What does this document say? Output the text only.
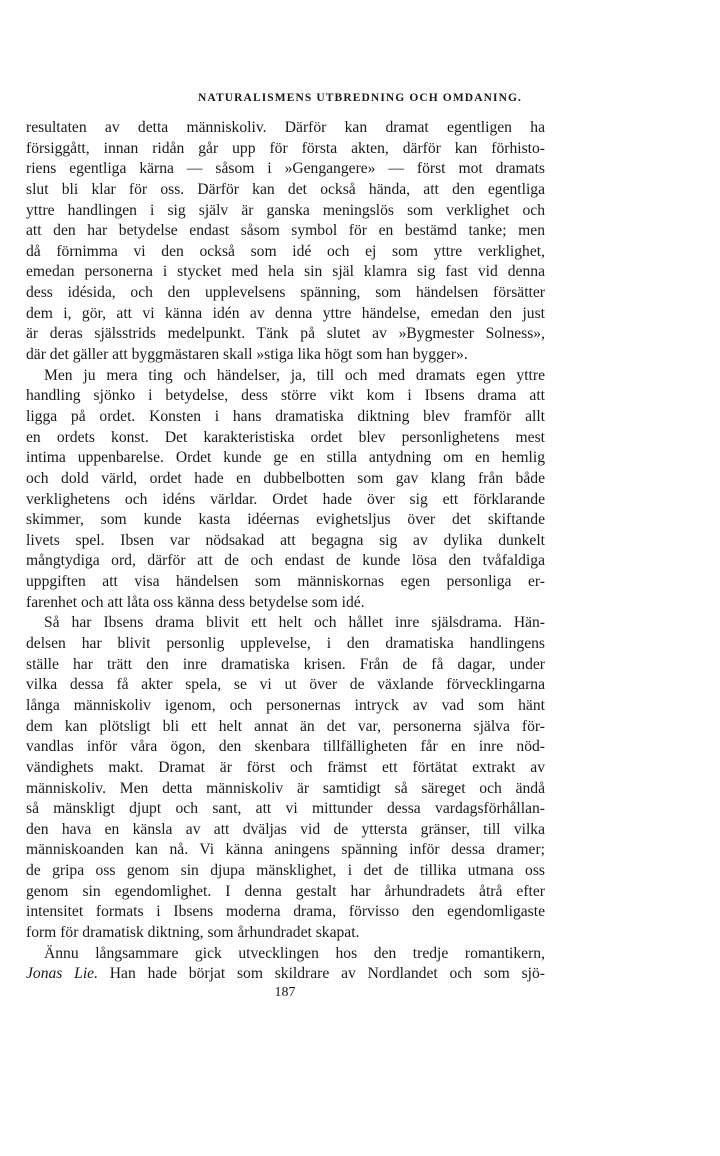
NATURALISMENS UTBREDNING OCH OMDANING.
resultaten av detta människoliv. Därför kan dramat egentligen ha
försiggått, innan ridån går upp för första akten, därför kan förhisto-
riens egentliga kärna — såsom i »Gengangere» — först mot dramats
slut bli klar för oss. Därför kan det också hända, att den egentliga
yttre handlingen i sig själv är ganska meningslös som verklighet och
att den har betydelse endast såsom symbol för en bestämd tanke; men
då förnimma vi den också som idé och ej som yttre verklighet,
emedan personerna i stycket med hela sin själ klamra sig fast vid denna
dess idésida, och den upplevelsens spänning, som händelsen försätter
dem i, gör, att vi känna idén av denna yttre händelse, emedan den just
är deras själsstrids medelpunkt. Tänk på slutet av »Bygmester Solness»,
där det gäller att byggmästaren skall »stiga lika högt som han bygger».
Men ju mera ting och händelser, ja, till och med dramats egen yttre
handling sjönko i betydelse, dess större vikt kom i Ibsens drama att
ligga på ordet. Konsten i hans dramatiska diktning blev framför allt
en ordets konst. Det karakteristiska ordet blev personlighetens mest
intima uppenbarelse. Ordet kunde ge en stilla antydning om en hemlig
och dold värld, ordet hade en dubbelbotten som gav klang från både
verklighetens och idéns världar. Ordet hade över sig ett förklarande
skimmer, som kunde kasta idéernas evighetsljus över det skiftande
livets spel. Ibsen var nödsakad att begagna sig av dylika dunkelt
mångtydiga ord, därför att de och endast de kunde lösa den tvåfaldiga
uppgiften att visa händelsen som människornas egen personliga er-
farenhet och att låta oss känna dess betydelse som idé.
Så har Ibsens drama blivit ett helt och hållet inre själsdrama. Hän-
delsen har blivit personlig upplevelse, i den dramatiska handlingens
ställe har trätt den inre dramatiska krisen. Från de få dagar, under
vilka dessa få akter spela, se vi ut över de växlande förvecklingarna
långa människoliv igenom, och personernas intryck av vad som hänt
dem kan plötsligt bli ett helt annat än det var, personerna själva för-
vandlas inför våra ögon, den skenbara tillfälligheten får en inre nöd-
vändighets makt. Dramat är först och främst ett förtätat extrakt av
människoliv. Men detta människoliv är samtidigt så säreget och ändå
så mänskligt djupt och sant, att vi mittunder dessa vardagsförhållan-
den hava en känsla av att dväljas vid de yttersta gränser, till vilka
människoanden kan nå. Vi känna aningens spänning inför dessa dramer;
de gripa oss genom sin djupa mänsklighet, i det de tillika utmana oss
genom sin egendomlighet. I denna gestalt har århundradets åtrå efter
intensitet formats i Ibsens moderna drama, förvisso den egendomligaste
form för dramatisk diktning, som århundradet skapat.
Ännu långsammare gick utvecklingen hos den tredje romantikern,
Jonas Lie. Han hade börjat som skildrare av Nordlandet och som sjö-
187
